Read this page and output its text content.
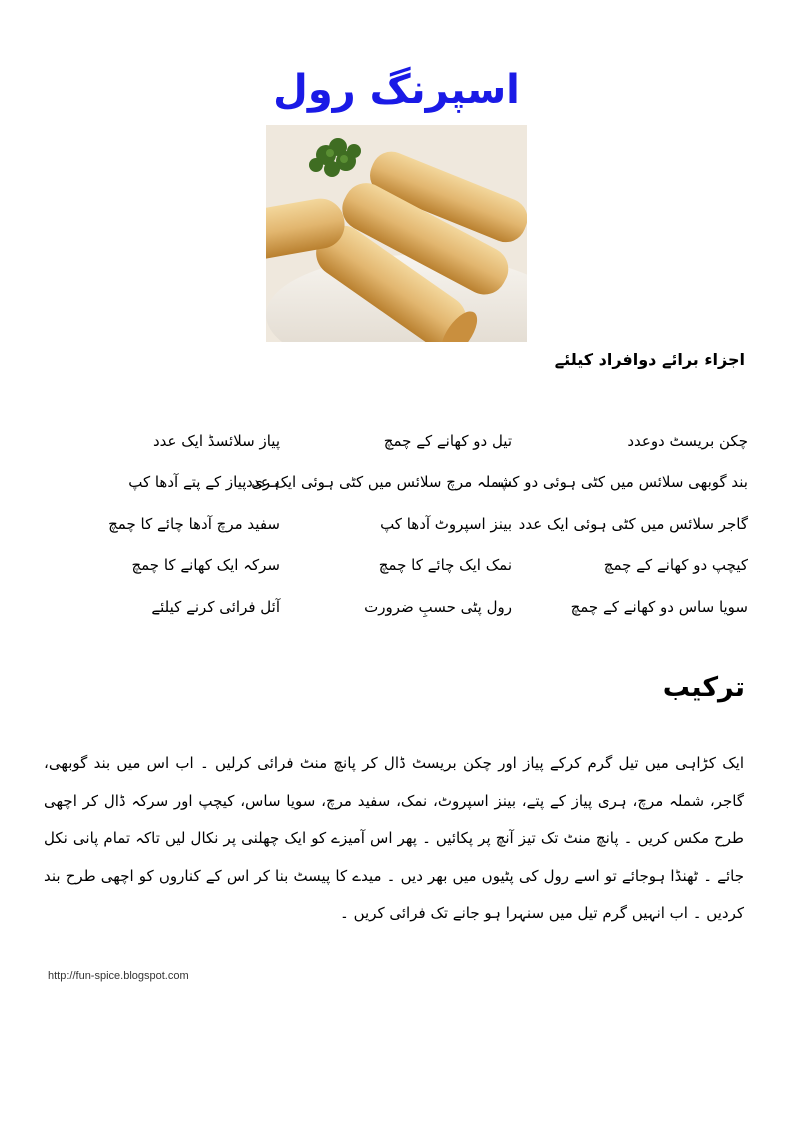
اسپرنگ رول
اجزاء برائے دوافراد کیلئے
چکن بریسٹ دوعدد
تیل دو کھانے کے چمچ
پیاز سلائسڈ ایک عدد
بند گوبھی سلائس میں کٹی ہوئی دو کپ
شملہ مرچ سلائس میں کٹی ہوئی ایک عدد
ہری پیاز کے پتے آدھا کپ
گاجر سلائس میں کٹی ہوئی ایک عدد
بینز اسپروٹ آدھا کپ
سفید مرچ آدھا چائے کا چمچ
کیچپ دو کھانے کے چمچ
نمک ایک چائے کا چمچ
سرکہ ایک کھانے کا چمچ
سویا ساس دو کھانے کے چمچ
رول پٹی حسبِ ضرورت
آئل فرائی کرنے کیلئے
ترکیب
ایک کڑاہی میں تیل گرم کرکے پیاز اور چکن بریسٹ ڈال کر پانچ منٹ فرائی کرلیں ۔ اب اس میں بند گوبھی، گاجر، شملہ مرچ، ہری پیاز کے پتے، بینز اسپروٹ، نمک، سفید مرچ، سویا ساس، کیچپ اور سرکہ ڈال کر اچھی طرح مکس کریں ۔ پانچ منٹ تک تیز آنچ پر پکائیں ۔ پھر اس آمیزے کو ایک چھلنی پر نکال لیں تاکہ تمام پانی نکل جائے ۔ ٹھنڈا ہوجائے تو اسے رول کی پٹیوں میں بھر دیں ۔ میدے کا پیسٹ بنا کر اس کے کناروں کو اچھی طرح بند کردیں ۔ اب انہیں گرم تیل میں سنہرا ہو جانے تک فرائی کریں ۔
http://fun-spice.blogspot.com
